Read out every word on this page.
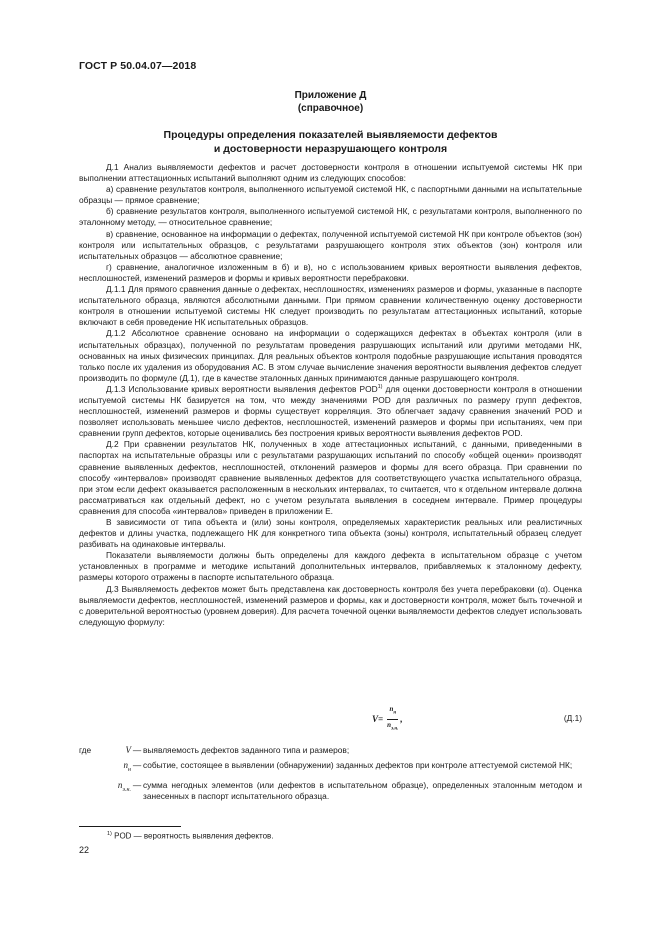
ГОСТ Р 50.04.07—2018
Приложение Д
(справочное)
Процедуры определения показателей выявляемости дефектов
и достоверности неразрушающего контроля

Д.1 Анализ выявляемости дефектов и расчет достоверности контроля в отношении испытуемой системы НК при выполнении аттестационных испытаний выполняют одним из следующих способов:

а) сравнение результатов контроля, выполненного испытуемой системой НК, с паспортными данными на испытательные образцы — прямое сравнение;

б) сравнение результатов контроля, выполненного испытуемой системой НК, с результатами контроля, выполненного по эталонному методу, — относительное сравнение;

в) сравнение, основанное на информации о дефектах, полученной испытуемой системой НК при контроле объектов (зон) контроля или испытательных образцов, с результатами разрушающего контроля этих объектов (зон) контроля или испытательных образцов — абсолютное сравнение;

г) сравнение, аналогичное изложенным в б) и в), но с использованием кривых вероятности выявления дефектов, несплошностей, изменений размеров и формы и кривых вероятности перебраковки.

Д.1.1 Для прямого сравнения данные о дефектах, несплошностях, изменениях размеров и формы, указанные в паспорте испытательного образца, являются абсолютными данными. При прямом сравнении количественную оценку достоверности контроля в отношении испытуемой системы НК следует производить по результатам аттестационных испытаний, которые включают в себя проведение НК испытательных образцов.

Д.1.2 Абсолютное сравнение основано на информации о содержащихся дефектах в объектах контроля (или в испытательных образцах), полученной по результатам проведения разрушающих испытаний или другими методами НК, основанных на иных физических принципах. Для реальных объектов контроля подобные разрушающие испытания проводятся только после их удаления из оборудования АС. В этом случае вычисление значения вероятности выявления дефектов следует производить по формуле (Д.1), где в качестве эталонных данных принимаются данные разрушающего контроля.

Д.1.3 Использование кривых вероятности выявления дефектов POD$^{1)}$ для оценки достоверности контроля в отношении испытуемой системы НК базируется на том, что между значениями POD для различных по размеру групп дефектов, несплошностей, изменений размеров и формы существует корреляция. Это облегчает задачу сравнения значений POD и позволяет использовать меньшее число дефектов, несплошностей, изменений размеров и формы при испытаниях, чем при сравнении групп дефектов, которые оценивались без построения кривых вероятности выявления дефектов POD.

Д.2 При сравнении результатов НК, полученных в ходе аттестационных испытаний, с данными, приведенными в паспортах на испытательные образцы или с результатами разрушающих испытаний по способу «общей оценки» производят сравнение выявленных дефектов, несплошностей, отклонений размеров и формы для всего образца. При сравнении по способу «интервалов» производят сравнение выявленных дефектов для соответствующего участка испытательного образца, при этом если дефект оказывается расположенным в нескольких интервалах, то считается, что к отдельном интервале должна рассматриваться как отдельный дефект, но с учетом результата выявления в соседнем интервале. Пример процедуры сравнения для способа «интервалов» приведен в приложении Е.

В зависимости от типа объекта и (или) зоны контроля, определяемых характеристик реальных или реалистичных дефектов и длины участка, подлежащего НК для конкретного типа объекта (зоны) контроля, испытательный образец следует разбивать на одинаковые интервалы.

Показатели выявляемости должны быть определены для каждого дефекта в испытательном образце с учетом установленных в программе и методике испытаний дополнительных интервалов, прибавляемых к эталонному дефекту, размеры которого отражены в паспорте испытательного образца.

Д.3 Выявляемость дефектов может быть представлена как достоверность контроля без учета перебраковки (α). Оценка выявляемости дефектов, несплошностей, изменений размеров и формы, как и достоверности контроля, может быть точечной и с доверительной вероятностью (уровнем доверия). Для расчета точечной оценки выявляемости дефектов следует использовать следующую формулу:

$V = \frac{n_н}{n_{э.н.}}$ ,	(Д.1)
где	V — выявляемость дефектов заданного типа и размеров;
$n_н$ — событие, состоящее в выявлении (обнаружении) заданных дефектов при контроле аттестуемой системой НК;
$n_{э.н.}$ — сумма негодных элементов (или дефектов в испытательном образце), определенных эталонным методом и занесенных в паспорт испытательного образца.
$^{1)}$ POD — вероятность выявления дефектов.
22
